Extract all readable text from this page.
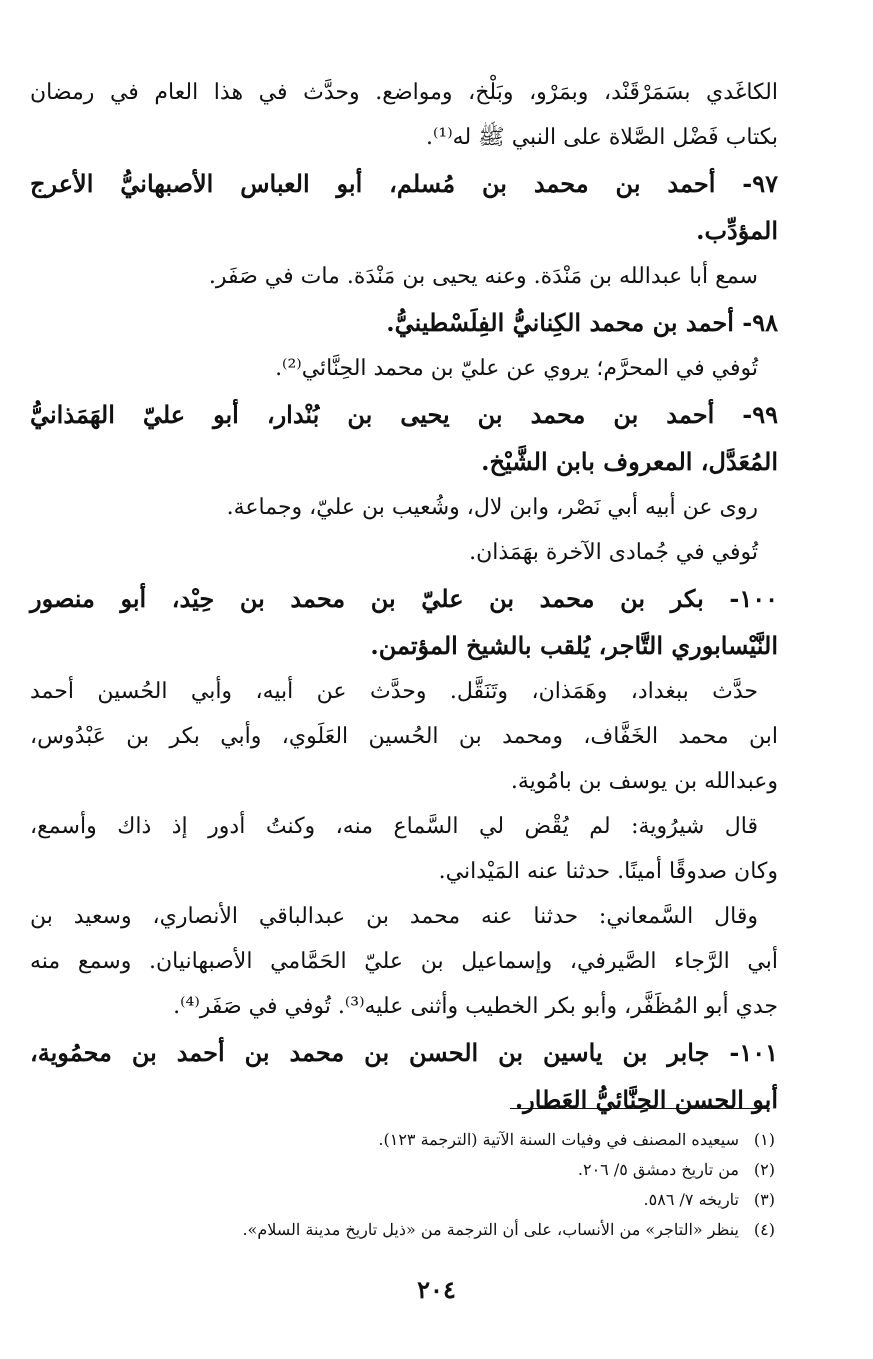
الكاغَدي بسَمَرْقَنْد، وبمَرْو، وبَلْخ، ومواضع. وحدَّث في هذا العام في رمضان
بكتاب فَضْل الصَّلاة على النبي ﷺ له⁽¹⁾.
٩٧- أحمد بن محمد بن مُسلم، أبو العباس الأصبهانيُّ الأعرج
المؤدِّب.
سمع أبا عبدالله بن مَنْدَة. وعنه يحيى بن مَنْدَة. مات في صَفَر.
٩٨- أحمد بن محمد الكِنانيُّ الفِلَسْطينيُّ.
تُوفي في المحرَّم؛ يروي عن عليّ بن محمد الحِنَّائي⁽²⁾.
٩٩- أحمد بن محمد بن يحيى بن بُنْدار، أبو عليّ الهَمَذانيُّ
المُعَدَّل، المعروف بابن الشَّيْخ.
روى عن أبيه أبي نَصْر، وابن لال، وشُعيب بن عليّ، وجماعة.
تُوفي في جُمادى الآخرة بهَمَذان.
١٠٠- بكر بن محمد بن عليّ بن محمد بن حِيْد، أبو منصور
النَّيْسابوري التَّاجر، يُلقب بالشيخ المؤتمن.
حدَّث ببغداد، وهَمَذان، وتَنَقَّل. وحدَّث عن أبيه، وأبي الحُسين أحمد
ابن محمد الخَفَّاف، ومحمد بن الحُسين العَلَوي، وأبي بكر بن عَبْدُوس،
وعبدالله بن يوسف بن بامُوية.
قال شيرُوية: لم يُقْض لي السَّماع منه، وكنتُ أدور إذ ذاك وأسمع،
وكان صدوقًا أمينًا. حدثنا عنه المَيْداني.
وقال السَّمعاني: حدثنا عنه محمد بن عبدالباقي الأنصاري، وسعيد بن
أبي الرَّجاء الصَّيرفي، وإسماعيل بن عليّ الحَمَّامي الأصبهانيان. وسمع منه
جدي أبو المُظَفَّر، وأبو بكر الخطيب وأثنى عليه⁽³⁾. تُوفي في صَفَر⁽⁴⁾.
١٠١- جابر بن ياسين بن الحسن بن محمد بن أحمد بن محمُوية،
أبو الحسن الحِنَّائيُّ العَطار.
(١)سيعيده المصنف في وفيات السنة الآتية (الترجمة ١٢٣).
(٢)من تاريخ دمشق ٥/ ٢٠٦.
(٣)تاريخه ٧/ ٥٨٦.
(٤)ينظر «التاجر» من الأنساب، على أن الترجمة من «ذيل تاريخ مدينة السلام».
٢٠٤
